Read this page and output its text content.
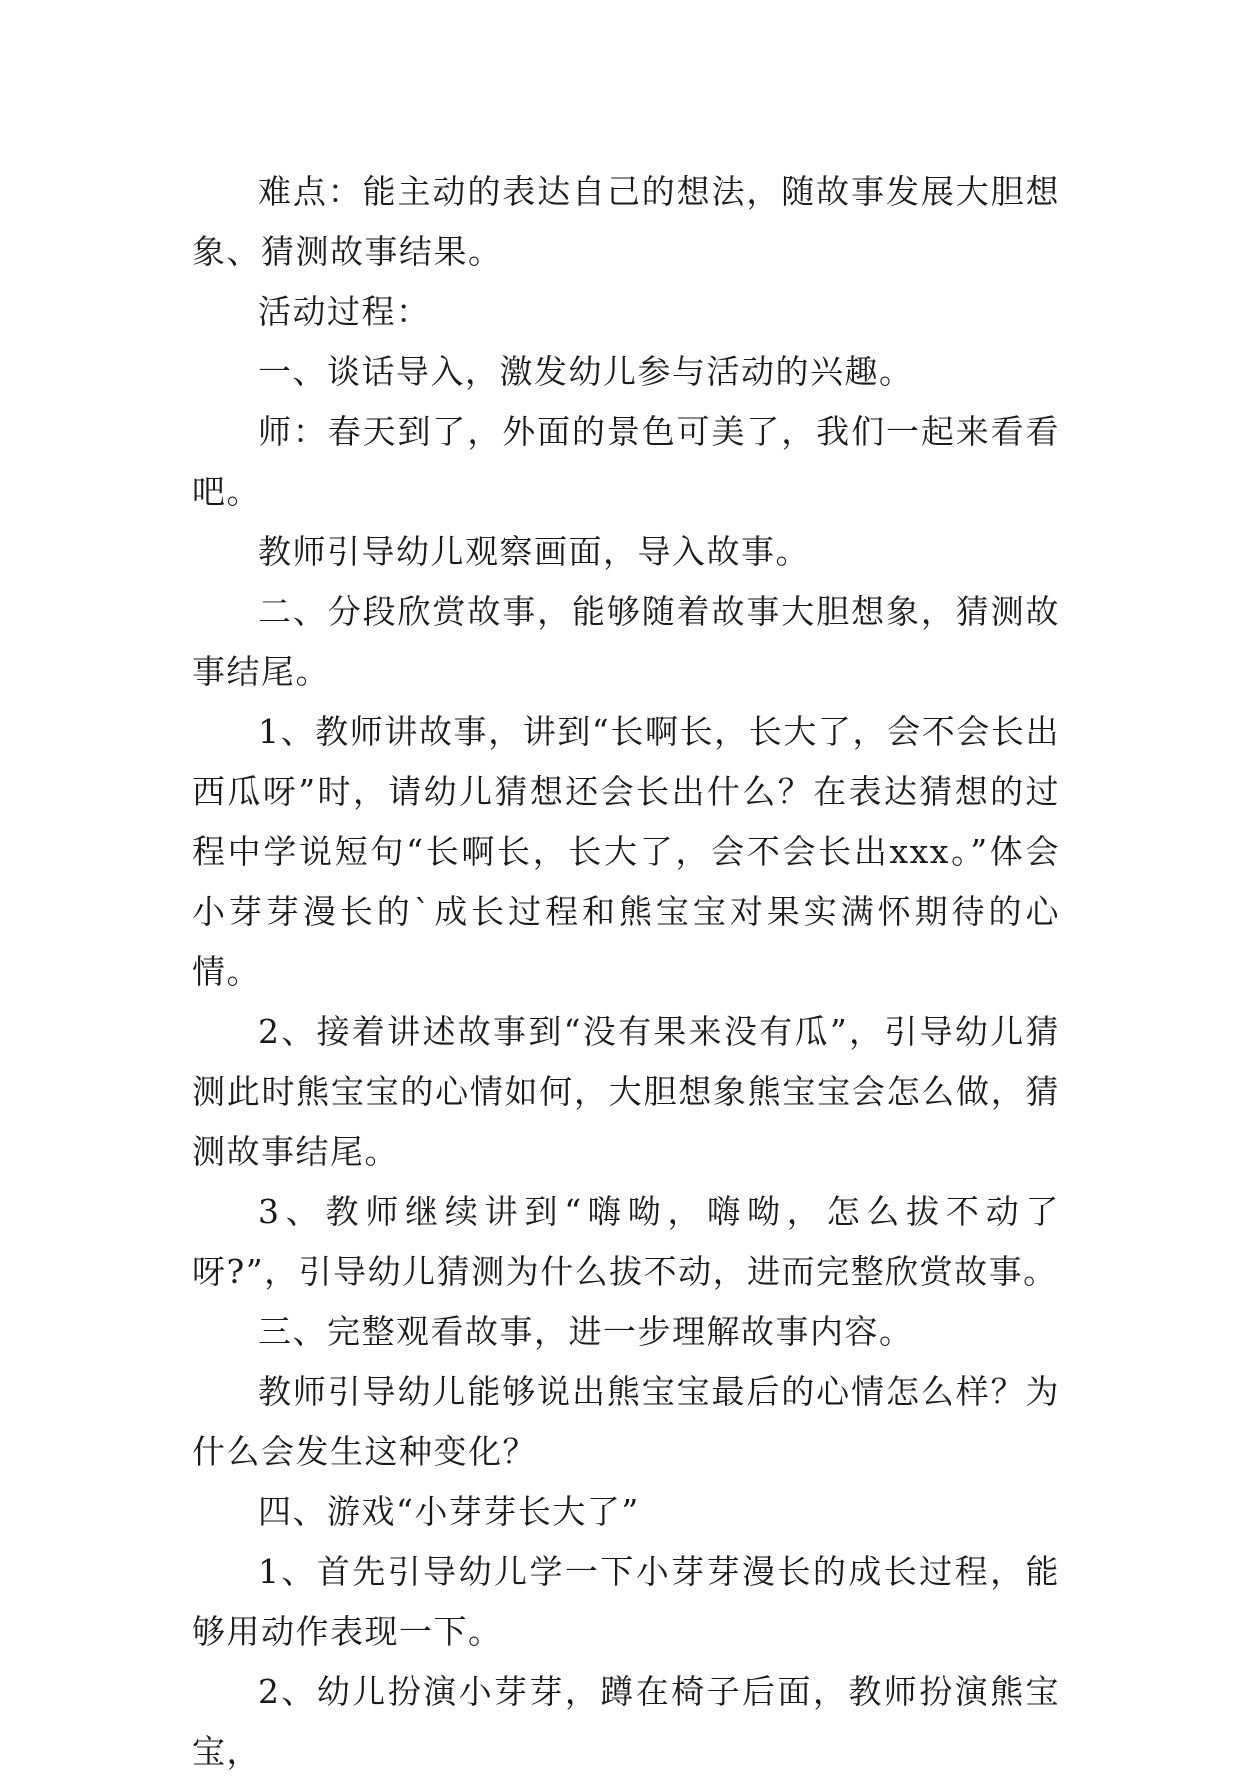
难点：能主动的表达自己的想法，随故事发展大胆想象、猜测故事结果。

活动过程：

一、谈话导入，激发幼儿参与活动的兴趣。

师：春天到了，外面的景色可美了，我们一起来看看吧。

教师引导幼儿观察画面，导入故事。

二、分段欣赏故事，能够随着故事大胆想象，猜测故事结尾。

1、教师讲故事，讲到“长啊长，长大了，会不会长出西瓜呀”时，请幼儿猜想还会长出什么？在表达猜想的过程中学说短句“长啊长，长大了，会不会长出xxx。”体会小芽芽漫长的`成长过程和熊宝宝对果实满怀期待的心情。

2、接着讲述故事到“没有果来没有瓜”，引导幼儿猜测此时熊宝宝的心情如何，大胆想象熊宝宝会怎么做，猜测故事结尾。

3、教师继续讲到“嗨呦，嗨呦，怎么拔不动了呀?”，引导幼儿猜测为什么拔不动，进而完整欣赏故事。

三、完整观看故事，进一步理解故事内容。

教师引导幼儿能够说出熊宝宝最后的心情怎么样？为什么会发生这种变化？

四、游戏“小芽芽长大了”

1、首先引导幼儿学一下小芽芽漫长的成长过程，能够用动作表现一下。

2、幼儿扮演小芽芽，蹲在椅子后面，教师扮演熊宝宝，
